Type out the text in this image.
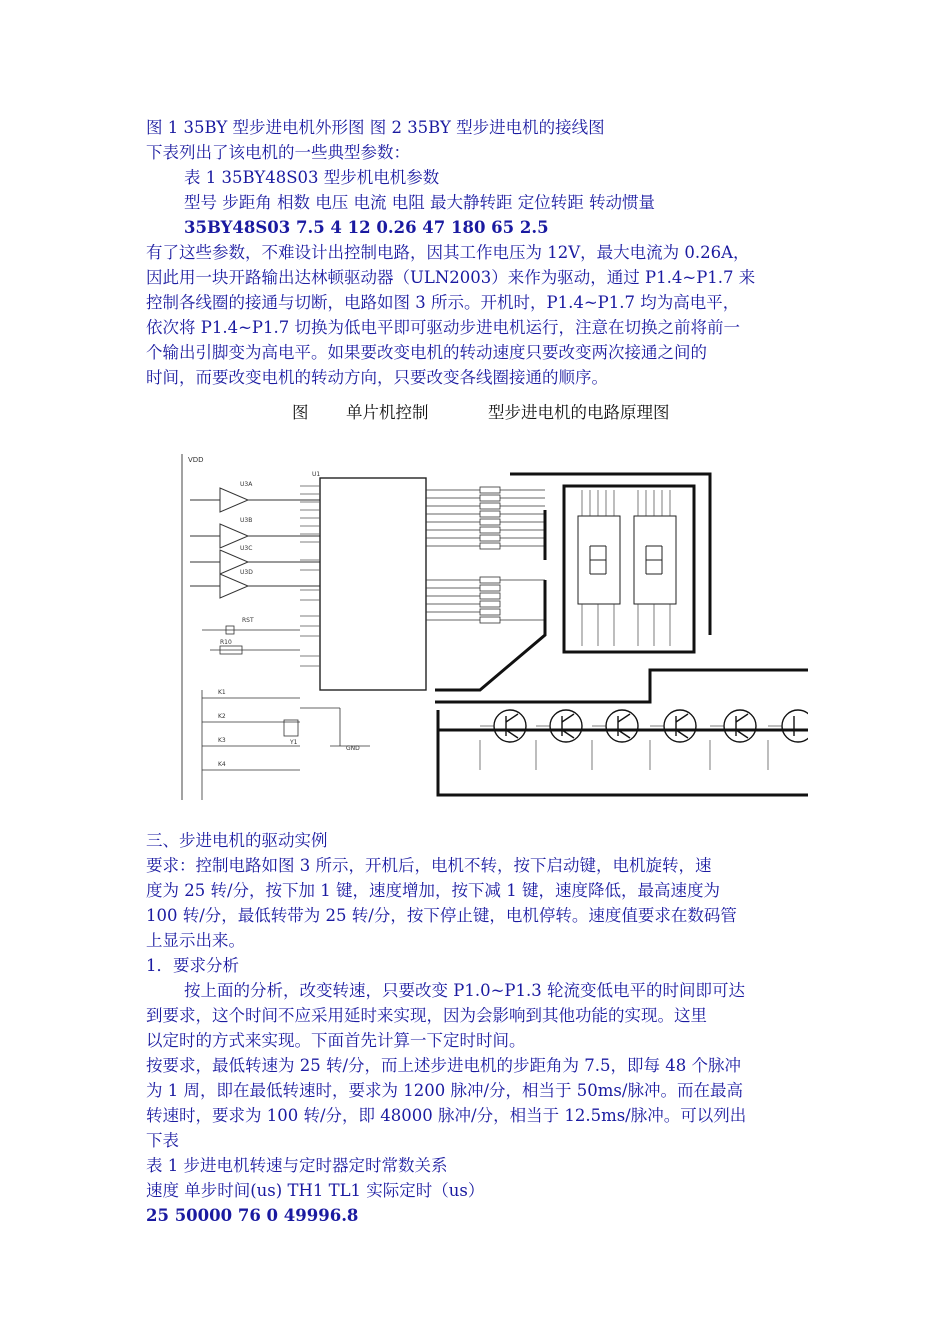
图 1 35BY 型步进电机外形图 图 2 35BY 型步进电机的接线图
下表列出了该电机的一些典型参数：
表 1 35BY48S03 型步机电机参数
型号 步距角 相数 电压 电流 电阻 最大静转距 定位转距 转动惯量
35BY48S03 7.5 4 12 0.26 47 180 65 2.5
有了这些参数，不难设计出控制电路，因其工作电压为 12V，最大电流为 0.26A，
因此用一块开路输出达林顿驱动器（ULN2003）来作为驱动，通过 P1.4~P1.7 来
控制各线圈的接通与切断，电路如图 3 所示。开机时，P1.4~P1.7 均为高电平，
依次将 P1.4~P1.7 切换为低电平即可驱动步进电机运行，注意在切换之前将前一
个输出引脚变为高电平。如果要改变电机的转动速度只要改变两次接通之间的
时间，而要改变电机的转动方向，只要改变各线圈接通的顺序。
三、步进电机的驱动实例
要求：控制电路如图 3 所示，开机后，电机不转，按下启动键，电机旋转，速
度为 25 转/分，按下加 1 键，速度增加，按下减 1 键，速度降低，最高速度为
100 转/分，最低转带为 25 转/分，按下停止键，电机停转。速度值要求在数码管
上显示出来。
1．要求分析
按上面的分析，改变转速，只要改变 P1.0~P1.3 轮流变低电平的时间即可达
到要求，这个时间不应采用延时来实现，因为会影响到其他功能的实现。这里
以定时的方式来实现。下面首先计算一下定时时间。
按要求，最低转速为 25 转/分，而上述步进电机的步距角为 7.5，即每 48 个脉冲
为 1 周，即在最低转速时，要求为 1200 脉冲/分，相当于 50ms/脉冲。而在最高
转速时，要求为 100 转/分，即 48000 脉冲/分，相当于 12.5ms/脉冲。可以列出
下表
表 1 步进电机转速与定时器定时常数关系
速度 单步时间(us) TH1 TL1 实际定时（us）
25 50000 76 0 49996.8
图 单片机控制	型步进电机的电路原理图
VDD
U3A
U3B
U3C
U3D
U1
RST
R10
Y1
GND
K1
K2
K3
K4
